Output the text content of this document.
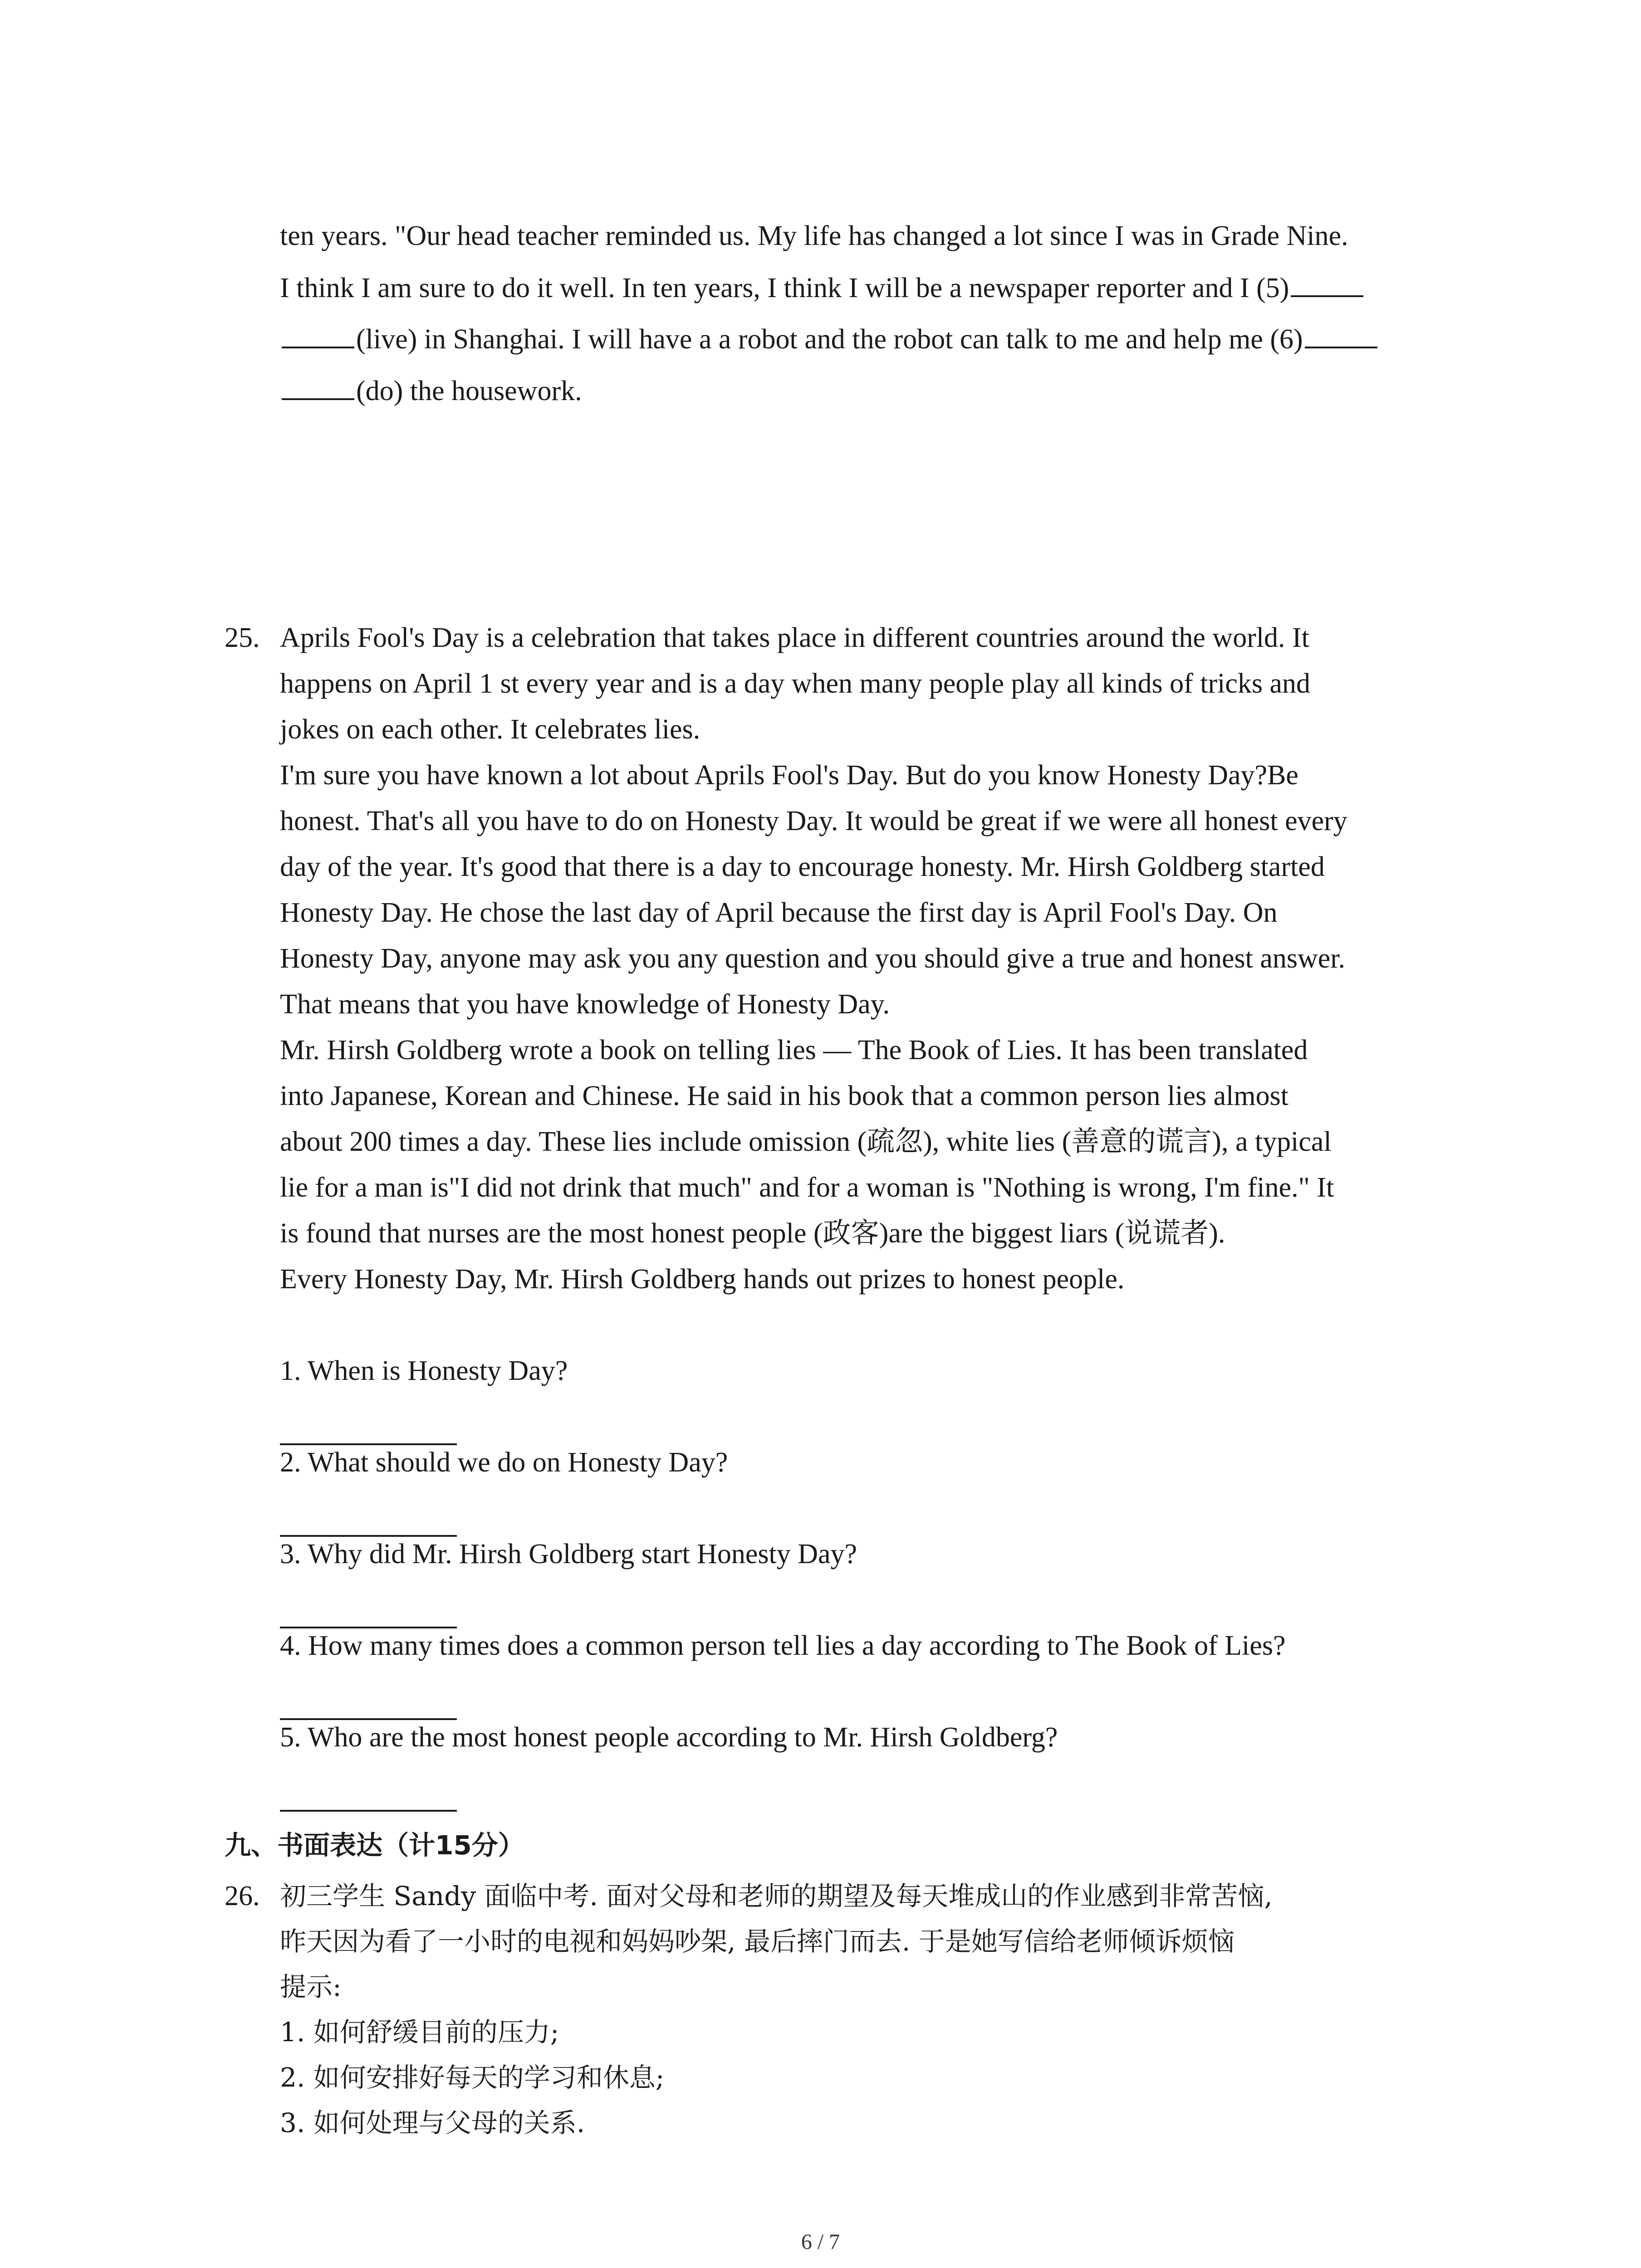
ten years. "Our head teacher reminded us. My life has changed a lot since I was in Grade Nine.
I think I am sure to do it well. In ten years, I think I will be a newspaper reporter and I (5)
(live) in Shanghai. I will have a a robot and the robot can talk to me and help me (6)
(do) the housework.
25. Aprils Fool's Day is a celebration that takes place in different countries around the world. It
happens on April 1 st every year and is a day when many people play all kinds of tricks and
jokes on each other. It celebrates lies.
I'm sure you have known a lot about Aprils Fool's Day. But do you know Honesty Day?Be
honest. That's all you have to do on Honesty Day. It would be great if we were all honest every
day of the year. It's good that there is a day to encourage honesty. Mr. Hirsh Goldberg started
Honesty Day. He chose the last day of April because the first day is April Fool's Day. On
Honesty Day, anyone may ask you any question and you should give a true and honest answer.
That means that you have knowledge of Honesty Day.
Mr. Hirsh Goldberg wrote a book on telling lies — The Book of Lies. It has been translated
into Japanese, Korean and Chinese. He said in his book that a common person lies almost
about 200 times a day. These lies include omission (疏忽), white lies (善意的谎言), a typical
lie for a man is"I did not drink that much" and for a woman is "Nothing is wrong, I'm fine." It
is found that nurses are the most honest people (政客)are the biggest liars (说谎者).
Every Honesty Day, Mr. Hirsh Goldberg hands out prizes to honest people.
1. When is Honesty Day?
2. What should we do on Honesty Day?
3. Why did Mr. Hirsh Goldberg start Honesty Day?
4. How many times does a common person tell lies a day according to The Book of Lies?
5. Who are the most honest people according to Mr. Hirsh Goldberg?
九、书面表达（计15分）
26. 初三学生 Sandy 面临中考. 面对父母和老师的期望及每天堆成山的作业感到非常苦恼,
昨天因为看了一小时的电视和妈妈吵架, 最后摔门而去. 于是她写信给老师倾诉烦恼
提示:
1. 如何舒缓目前的压力;
2. 如何安排好每天的学习和休息;
3. 如何处理与父母的关系.
6 / 7
